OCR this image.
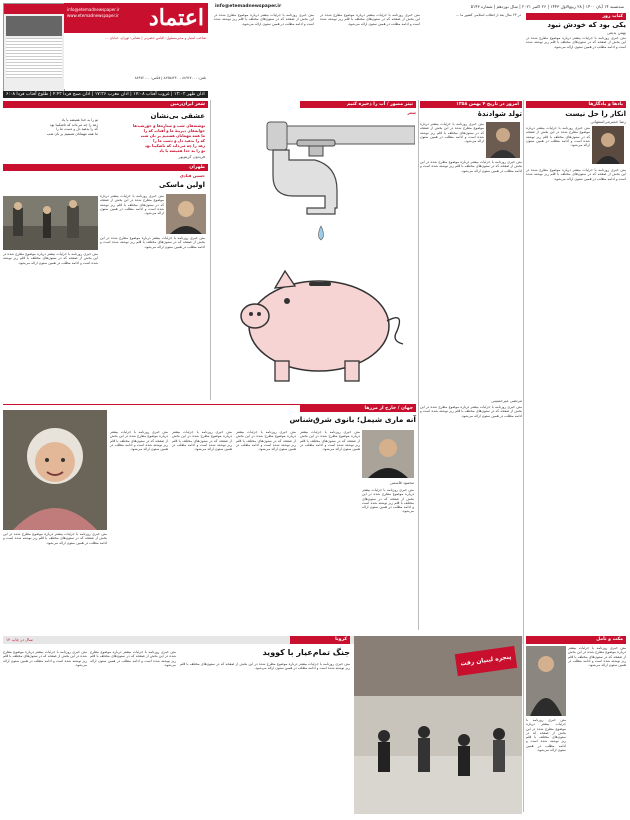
اعتماد
info@etemadnewspaper.ir
www.etemadnewspaper.ir
صاحب امتیاز و مدیرمسئول: الیاس حضرتی | نشانی: تهران، خیابان ...
تلفن: ۸۸۹۶۷۰۰۰ - ۸۸۹۵۸۲۴۰ | فکس: ۸۸۹۷۲۰۰۰
info@etemadnewspaper.ir	سه‌شنبه ۱۴ آبان ۱۴۰۰ | ۲۸ ربیع‌الاول ۱۴۴۳ | ۲۶ اکتبر ۲۰۲۱ | سال نوزدهم | شماره ۵۱۴۳
اذان ظهر ۱۲:۰۲ | غروب آفتاب ۱۷:۰۸ | اذان مغرب ۱۷:۲۶ | اذان صبح فردا ۴:۴۲ | طلوع آفتاب فردا ۶:۰۸
متن خبری روزنامه با جزئیات بیشتر درباره موضوع مطرح شده در این بخش از صفحه که در ستون‌های مختلف با قلم ریز نوشته شده است و ادامه مطلب در همین ستون ارائه می‌شود.
متن خبری روزنامه با جزئیات بیشتر درباره موضوع مطرح شده در این بخش از صفحه که در ستون‌های مختلف با قلم ریز نوشته شده است و ادامه مطلب در همین ستون ارائه می‌شود.
در ۲۳ سال بعد از انقلاب اسلامی کشور ما ...	کتاب روز
یکی بود که خودش نبود
بهمن بدیعی
متن خبری روزنامه با جزئیات بیشتر درباره موضوع مطرح شده در این بخش از صفحه که در ستون‌های مختلف با قلم ریز نوشته شده است و ادامه مطلب در همین ستون ارائه می‌شود.
یادها و یادگارها
انکار را حل نیست
رضا خسرمی‌اسفهانی
متن خبری روزنامه با جزئیات بیشتر درباره موضوع مطرح شده در این بخش از صفحه که در ستون‌های مختلف با قلم ریز نوشته شده است و ادامه مطلب در همین ستون ارائه می‌شود.
متن خبری روزنامه با جزئیات بیشتر درباره موضوع مطرح شده در این بخش از صفحه که در ستون‌های مختلف با قلم ریز نوشته شده است و ادامه مطلب در همین ستون ارائه می‌شود.
امروز در تاریخ ۴ بهمن ۱۳۵۸
تولد شوادندهٔ
متن خبری روزنامه با جزئیات بیشتر درباره موضوع مطرح شده در این بخش از صفحه که در ستون‌های مختلف با قلم ریز نوشته شده است و ادامه مطلب در همین ستون ارائه می‌شود.
متن خبری روزنامه با جزئیات بیشتر درباره موضوع مطرح شده در این بخش از صفحه که در ستون‌های مختلف با قلم ریز نوشته شده است و ادامه مطلب در همین ستون ارائه می‌شود.
مرتضی میرحسینی
متن خبری روزنامه با جزئیات بیشتر درباره موضوع مطرح شده در این بخش از صفحه که در ستون‌های مختلف با قلم ریز نوشته شده است و ادامه مطلب در همین ستون ارائه می‌شود.
تیتر مصور / آب را ذخیره کنیم
شعر
شعر ایران‌زمین
عشقی بی‌نشان
نوشته‌های شب و ستاره‌ها و خورشیدها
خوابه‌های دیرینهٔ ما و آفتاب که را
ما همه مهمانان هستیم بر نان شب
که را بدهید دل و دست ما را
زهد را چه می‌داند که ناشکیبا بود
تو را به خدا همیشه با یاد
تو را به خدا همیشه با یاد
زهد را چه می‌داند که ناشکیبا بود
که را بدهید دل و دست ما را
ما همه مهمانان هستیم بر نان شب
فریدون کریم‌پور
طهران
حسین قبادی
اولین ماسکی
متن خبری روزنامه با جزئیات بیشتر درباره موضوع مطرح شده در این بخش از صفحه که در ستون‌های مختلف با قلم ریز نوشته شده است و ادامه مطلب در همین ستون ارائه می‌شود.
متن خبری روزنامه با جزئیات بیشتر درباره موضوع مطرح شده در این بخش از صفحه که در ستون‌های مختلف با قلم ریز نوشته شده است و ادامه مطلب در همین ستون ارائه می‌شود.
متن خبری روزنامه با جزئیات بیشتر درباره موضوع مطرح شده در این بخش از صفحه که در ستون‌های مختلف با قلم ریز نوشته شده است و ادامه مطلب در همین ستون ارائه می‌شود.
جهان / خارج از مرزها
آنه ماری شیمل؛ بانوی شرق‌شناس
محمود قاسمی
متن خبری روزنامه با جزئیات بیشتر درباره موضوع مطرح شده در این بخش از صفحه که در ستون‌های مختلف با قلم ریز نوشته شده است و ادامه مطلب در همین ستون ارائه می‌شود.
متن خبری روزنامه با جزئیات بیشتر درباره موضوع مطرح شده در این بخش از صفحه که در ستون‌های مختلف با قلم ریز نوشته شده است و ادامه مطلب در همین ستون ارائه می‌شود.
متن خبری روزنامه با جزئیات بیشتر درباره موضوع مطرح شده در این بخش از صفحه که در ستون‌های مختلف با قلم ریز نوشته شده است و ادامه مطلب در همین ستون ارائه می‌شود.
متن خبری روزنامه با جزئیات بیشتر درباره موضوع مطرح شده در این بخش از صفحه که در ستون‌های مختلف با قلم ریز نوشته شده است و ادامه مطلب در همین ستون ارائه می‌شود.
متن خبری روزنامه با جزئیات بیشتر درباره موضوع مطرح شده در این بخش از صفحه که در ستون‌های مختلف با قلم ریز نوشته شده است و ادامه مطلب در همین ستون ارائه می‌شود.
متن خبری روزنامه با جزئیات بیشتر درباره موضوع مطرح شده در این بخش از صفحه که در ستون‌های مختلف با قلم ریز نوشته شده است و ادامه مطلب در همین ستون ارائه می‌شود.
۱۴ سال در چاپ	کرونا
جنگ تمام‌عیار با کووید
متن خبری روزنامه با جزئیات بیشتر درباره موضوع مطرح شده در این بخش از صفحه که در ستون‌های مختلف با قلم ریز نوشته شده است و ادامه مطلب در همین ستون ارائه می‌شود.
متن خبری روزنامه با جزئیات بیشتر درباره موضوع مطرح شده در این بخش از صفحه که در ستون‌های مختلف با قلم ریز نوشته شده است و ادامه مطلب در همین ستون ارائه می‌شود. متن خبری روزنامه با جزئیات بیشتر درباره موضوع مطرح شده در این بخش از صفحه که در ستون‌های مختلف با قلم ریز نوشته شده است و ادامه مطلب در همین ستون ارائه می‌شود.
پنجره لبنیان رفت
مکث و تأمل
متن خبری روزنامه با جزئیات بیشتر درباره موضوع مطرح شده در این بخش از صفحه که در ستون‌های مختلف با قلم ریز نوشته شده است و ادامه مطلب در همین ستون ارائه می‌شود.
متن خبری روزنامه با جزئیات بیشتر درباره موضوع مطرح شده در این بخش از صفحه که در ستون‌های مختلف با قلم ریز نوشته شده است و ادامه مطلب در همین ستون ارائه می‌شود.
